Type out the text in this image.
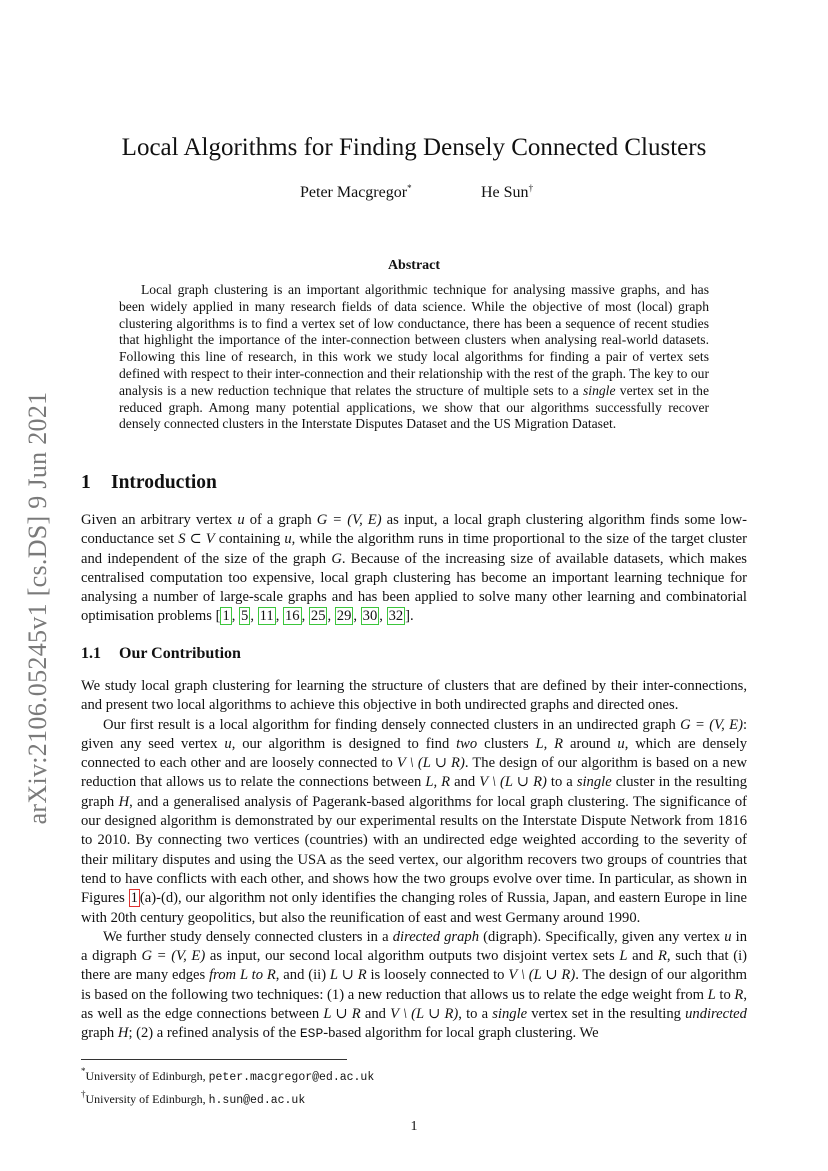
arXiv:2106.05245v1 [cs.DS] 9 Jun 2021
Local Algorithms for Finding Densely Connected Clusters
Peter Macgregor*	He Sun†
Abstract
Local graph clustering is an important algorithmic technique for analysing massive graphs, and has been widely applied in many research fields of data science. While the objective of most (local) graph clustering algorithms is to find a vertex set of low conductance, there has been a sequence of recent studies that highlight the importance of the inter-connection between clusters when analysing real-world datasets. Following this line of research, in this work we study local algorithms for finding a pair of vertex sets defined with respect to their inter-connection and their relationship with the rest of the graph. The key to our analysis is a new reduction technique that relates the structure of multiple sets to a single vertex set in the reduced graph. Among many potential applications, we show that our algorithms successfully recover densely connected clusters in the Interstate Disputes Dataset and the US Migration Dataset.
1 Introduction
Given an arbitrary vertex u of a graph G = (V, E) as input, a local graph clustering algorithm finds some low-conductance set S ⊂ V containing u, while the algorithm runs in time proportional to the size of the target cluster and independent of the size of the graph G. Because of the increasing size of available datasets, which makes centralised computation too expensive, local graph clustering has become an important learning technique for analysing a number of large-scale graphs and has been applied to solve many other learning and combinatorial optimisation problems [ 1 , 5 , 11 , 16 , 25 , 29 , 30 , 32 ].
1.1 Our Contribution

We study local graph clustering for learning the structure of clusters that are defined by their inter-connections, and present two local algorithms to achieve this objective in both undirected graphs and directed ones.

Our first result is a local algorithm for finding densely connected clusters in an undirected graph G = (V, E): given any seed vertex u, our algorithm is designed to find two clusters L, R around u, which are densely connected to each other and are loosely connected to V \ (L ∪ R). The design of our algorithm is based on a new reduction that allows us to relate the connections between L, R and V \ (L ∪ R) to a single cluster in the resulting graph H, and a generalised analysis of Pagerank-based algorithms for local graph clustering. The significance of our designed algorithm is demonstrated by our experimental results on the Interstate Dispute Network from 1816 to 2010. By connecting two vertices (countries) with an undirected edge weighted according to the severity of their military disputes and using the USA as the seed vertex, our algorithm recovers two groups of countries that tend to have conflicts with each other, and shows how the two groups evolve over time. In particular, as shown in Figures 1 (a)-(d), our algorithm not only identifies the changing roles of Russia, Japan, and eastern Europe in line with 20th century geopolitics, but also the reunification of east and west Germany around 1990.

We further study densely connected clusters in a directed graph (digraph). Specifically, given any vertex u in a digraph G = (V, E) as input, our second local algorithm outputs two disjoint vertex sets L and R, such that (i) there are many edges from L to R, and (ii) L ∪ R is loosely connected to V \ (L ∪ R). The design of our algorithm is based on the following two techniques: (1) a new reduction that allows us to relate the edge weight from L to R, as well as the edge connections between L ∪ R and V \ (L ∪ R), to a single vertex set in the resulting undirected graph H; (2) a refined analysis of the ESP-based algorithm for local graph clustering. We

*University of Edinburgh, peter.macgregor@ed.ac.uk
†University of Edinburgh, h.sun@ed.ac.uk
1
